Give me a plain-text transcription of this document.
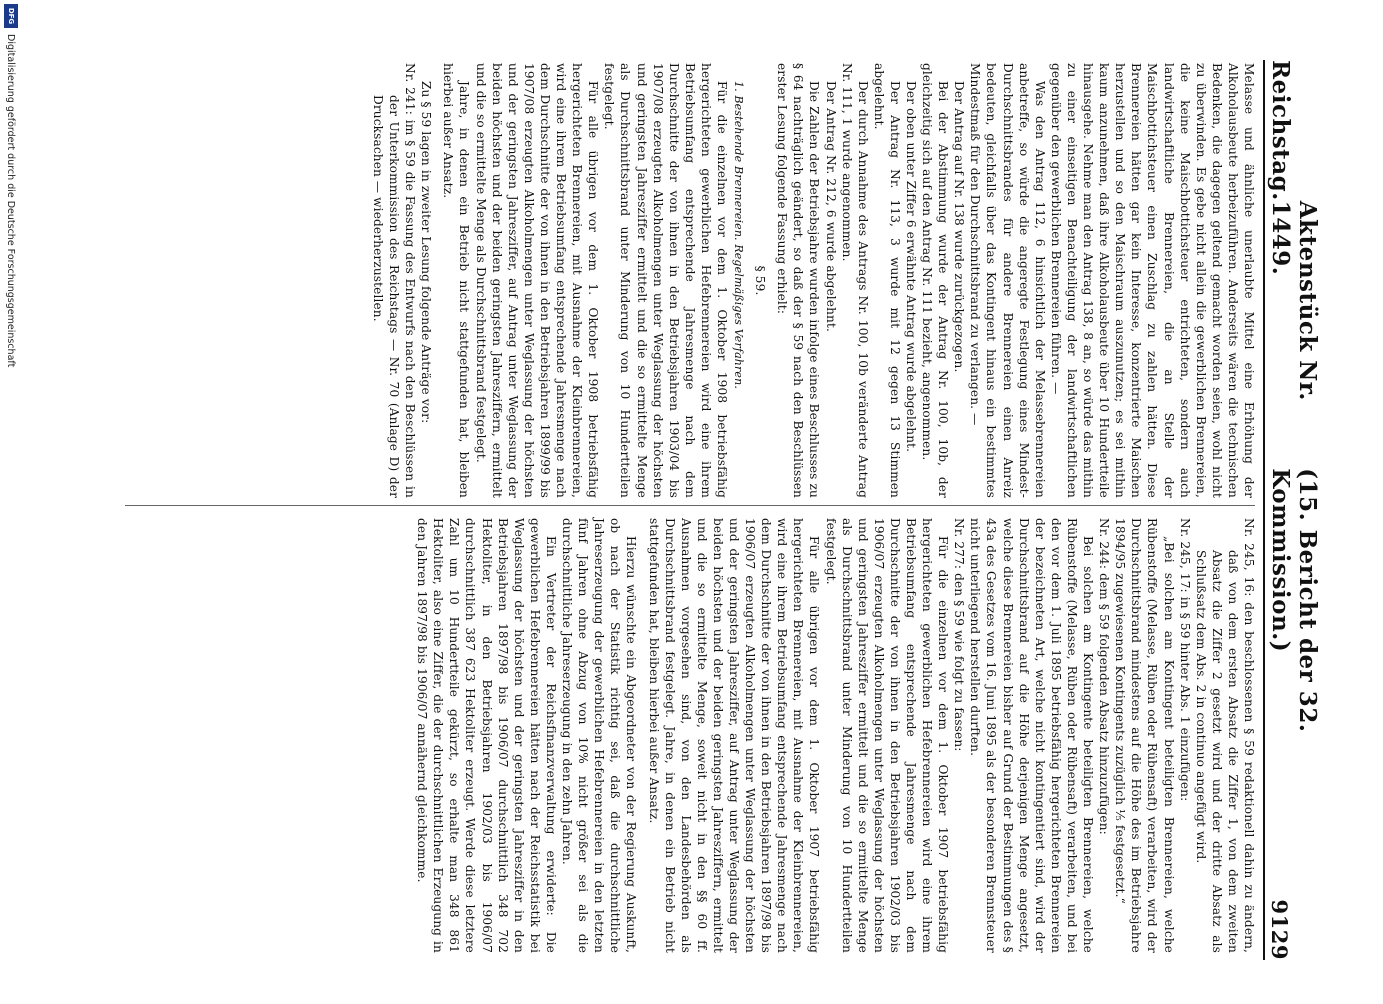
Reichstag.
Aktenstück Nr. 1449.
(15. Bericht der 32. Kommission.)
9129

Melasse und ähnliche unerlaubte Mittel eine Erhöhung der Alkoholausbeute herbeizuführen. Anderseits wären die technischen Bedenken, die dagegen geltend gemacht worden seien, wohl nicht zu überwinden. Es gebe nicht allein die gewerblichen Brennereien, die keine Maischbottichsteuer entrichteten, sondern auch landwirtschaftliche Brennereien, die an Stelle der Maischbottichsteuer einen Zuschlag zu zahlen hätten. Diese Brennereien hätten gar kein Interesse, konzentrierte Maischen herzustellen und so den Maischraum auszunutzen; es sei mithin kaum anzunehmen, daß ihre Alkoholausbeute über 10 Hundertteile hinausgehe. Nehme man den Antrag 138, 8 an, so würde das mithin zu einer einseitigen Benachteiligung der landwirtschaftlichen gegenüber den gewerblichen Brennereien führen. —

Was den Antrag 112, 6 hinsichtlich der Melassebrennereien anbetreffe, so würde die angeregte Festlegung eines Mindest-Durchschnittsbrandes für andere Brennereien einen Anreiz bedeuten, gleichfalls über das Kontingent hinaus ein bestimmtes Mindestmaß für den Durchschnittsbrand zu verlangen. —

Der Antrag auf Nr. 138 wurde zurückgezogen.

Bei der Abstimmung wurde der Antrag Nr. 100, 10b, der gleichzeitig sich auf den Antrag Nr. 111 bezieht, angenommen.

Der oben unter Ziffer 6 erwähnte Antrag wurde abgelehnt.

Der Antrag Nr. 113, 3 wurde mit 12 gegen 13 Stimmen abgelehnt.

Der durch Annahme des Antrags Nr. 100, 10b veränderte Antrag Nr. 111, 1 wurde angenommen.

Der Antrag Nr. 212, 6 wurde abgelehnt.

Die Zahlen der Betriebsjahre wurden infolge eines Beschlusses zu § 64 nachträglich geändert, so daß der § 59 nach den Beschlüssen erster Lesung folgende Fassung erhielt:

§ 59.

1. Bestehende Brennereien. Regelmäßiges Verfahren.

Für die einzelnen vor dem 1. Oktober 1908 betriebsfähig hergerichteten gewerblichen Hefebrennereien wird eine ihrem Betriebsumfang entsprechende Jahresmenge nach dem Durchschnitte der von ihnen in den Betriebsjahren 1903/04 bis 1907/08 erzeugten Alkoholmengen unter Weglassung der höchsten und geringsten Jahresziffer ermittelt und die so ermittelte Menge als Durchschnittsbrand unter Minderung von 10 Hundertteilen festgelegt.

Für alle übrigen vor dem 1. Oktober 1908 betriebsfähig hergerichteten Brennereien, mit Ausnahme der Kleinbrennereien, wird eine ihrem Betriebsumfang entsprechende Jahresmenge nach dem Durchschnitte der von ihnen in den Betriebsjahren 1899/99 bis 1907/08 erzeugten Alkoholmengen unter Weglassung der höchsten und der geringsten Jahresziffer, auf Antrag unter Weglassung der beiden höchsten und der beiden geringsten Jahresziffern, ermittelt und die so ermittelte Menge als Durchschnittsbrand festgelegt.

Jahre, in denen ein Betrieb nicht stattgefunden hat, bleiben hierbei außer Ansatz.

Zu § 59 lagen in zweiter Lesung folgende Anträge vor:

Nr. 241: im § 59 die Fassung des Entwurfs nach den Beschlüssen in der Unterkommission des Reichstags — Nr. 70 (Anlage D) der Drucksachen — wiederherzustellen.

Nr. 245, 16: den beschlossenen § 59 redaktionell dahin zu ändern, daß von dem ersten Absatz die Ziffer 1, von dem zweiten Absatz die Ziffer 2 gesetzt wird und der dritte Absatz als Schlußsatz dem Abs. 2 in continuo angefügt wird.

Nr. 245, 17: in § 59 hinter Abs. 1 einzufügen:

„Bei solchen am Kontingent beteiligten Brennereien, welche Rübenstoffe (Melasse, Rüben oder Rübensaft) verarbeiten, wird der Durchschnittsbrand mindestens auf die Höhe des im Betriebsjahre 1894/95 zugewiesenen Kontingents zuzüglich ⅕ festgesetzt.“

Nr. 244: dem § 59 folgenden Absatz hinzuzufügen:

Bei solchen am Kontingente beteiligten Brennereien, welche Rübenstoffe (Melasse, Rüben oder Rübensaft) verarbeiten, und bei den vor dem 1. Juli 1895 betriebsfähig hergerichteten Brennereien der bezeichneten Art, welche nicht kontingentiert sind, wird der Durchschnittsbrand auf die Höhe derjenigen Menge angesetzt, welche diese Brennereien bisher auf Grund der Bestimmungen des § 43a des Gesetzes vom 16. Juni 1895 als der besonderen Brennsteuer nicht unterliegend herstellen durften.

Nr. 277: den § 59 wie folgt zu fassen:

Für die einzelnen vor dem 1. Oktober 1907 betriebsfähig hergerichteten gewerblichen Hefebrennereien wird eine ihrem Betriebsumfang entsprechende Jahresmenge nach dem Durchschnitte der von ihnen in den Betriebsjahren 1902/03 bis 1906/07 erzeugten Alkoholmengen unter Weglassung der höchsten und geringsten Jahresziffer ermittelt und die so ermittelte Menge als Durchschnittsbrand unter Minderung von 10 Hundertteilen festgelegt.

Für alle übrigen vor dem 1. Oktober 1907 betriebsfähig hergerichteten Brennereien, mit Ausnahme der Kleinbrennereien, wird eine ihrem Betriebsumfang entsprechende Jahresmenge nach dem Durchschnitte der von ihnen in den Betriebsjahren 1897/98 bis 1906/07 erzeugten Alkoholmengen unter Weglassung der höchsten und der geringsten Jahresziffer, auf Antrag unter Weglassung der beiden höchsten und der beiden geringsten Jahresziffern, ermittelt und die so ermittelte Menge, soweit nicht in den §§ 60 ff. Ausnahmen vorgesehen sind, von den Landesbehörden als Durchschnittsbrand festgelegt. Jahre, in denen ein Betrieb nicht stattgefunden hat, bleiben hierbei außer Ansatz.

Hierzu wünschte ein Abgeordneter von der Regierung Auskunft, ob nach der Statistik richtig sei, daß die durchschnittliche Jahreserzeugung der gewerblichen Hefebrennereien in den letzten fünf Jahren ohne Abzug von 10% nicht größer sei als die durchschnittliche Jahreserzeugung in den zehn Jahren.

Ein Vertreter der Reichsfinanzverwaltung erwiderte: Die gewerblichen Hefebrennereien hätten nach der Reichsstatistik bei Weglassung der höchsten und der geringsten Jahresziffer in den Betriebsjahren 1897/98 bis 1906/07 durchschnittlich 348 702 Hektoliter, in den Betriebsjahren 1902/03 bis 1906/07 durchschnittlich 387 623 Hektoliter erzeugt. Werde diese letztere Zahl um 10 Hundertteile gekürzt, so erhalte man 348 861 Hektoliter, also eine Ziffer, die der durchschnittlichen Erzeugung in den Jahren 1897/98 bis 1906/07 annähernd gleichkomme.

DFG
Digitalisierung gefördert durch die Deutsche Forschungsgemeinschaft
